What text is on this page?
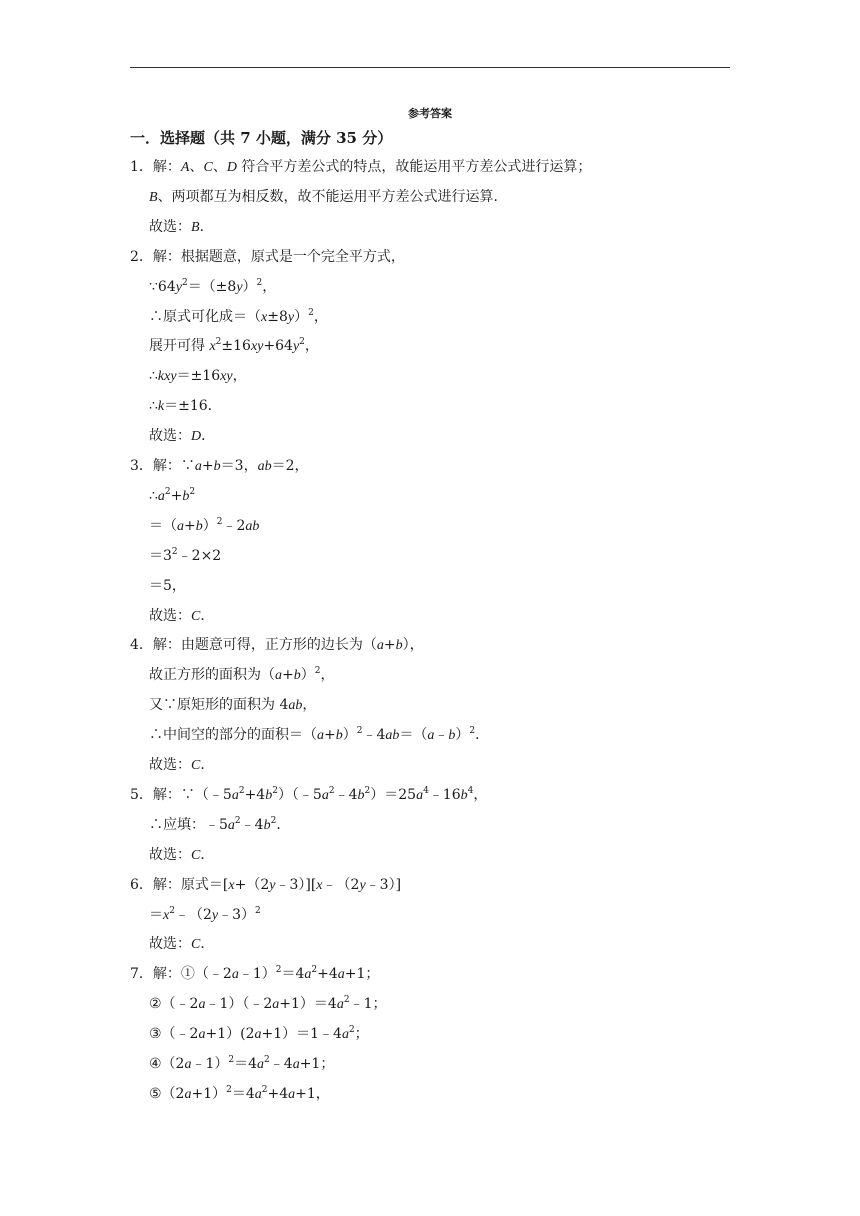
参考答案
一．选择题（共 7 小题，满分 35 分）
1．解：A、C、D 符合平方差公式的特点，故能运用平方差公式进行运算；
B、两项都互为相反数，故不能运用平方差公式进行运算．
故选：B．
2．解：根据题意，原式是一个完全平方式，
$\because 64y^2=(\pm 8y)^2$，
∴原式可化成$=(x\pm 8y)^2$，
展开可得 $x^2\pm 16xy+64y^2$，
∴kxy＝±16xy，
∴k＝±16．
故选：D．
3．解：∵a+b＝3，ab＝2，
$\therefore a^2+b^2$
$=(a+b)^2﹣2ab$
$=3^2﹣2\times 2$
＝5，
故选：C．
4．解：由题意可得，正方形的边长为（a+b），
故正方形的面积为$(a+b)^2$，
又∵原矩形的面积为 4ab，
∴中间空的部分的面积$=(a+b)^2﹣4ab=(a﹣b)^2$．
故选：C．
5．解：$\because(﹣5a^2+4b^2)(﹣5a^2﹣4b^2)=25a^4﹣16b^4$，
∴应填：$﹣5a^2﹣4b^2$．
故选：C．
6．解：原式＝[x+（2y﹣3）][x﹣（2y﹣3）]
$=x^2﹣(2y﹣3)^2$
故选：C．
7．解：$①(﹣2a﹣1)^2=4a^2+4a+1$；
$②(﹣2a﹣1)(﹣2a+1)=4a^2﹣1$；
$③(﹣2a+1)(2a+1)=1﹣4a^2$；
$④(2a﹣1)^2=4a^2﹣4a+1$；
$⑤(2a+1)^2=4a^2+4a+1$，
